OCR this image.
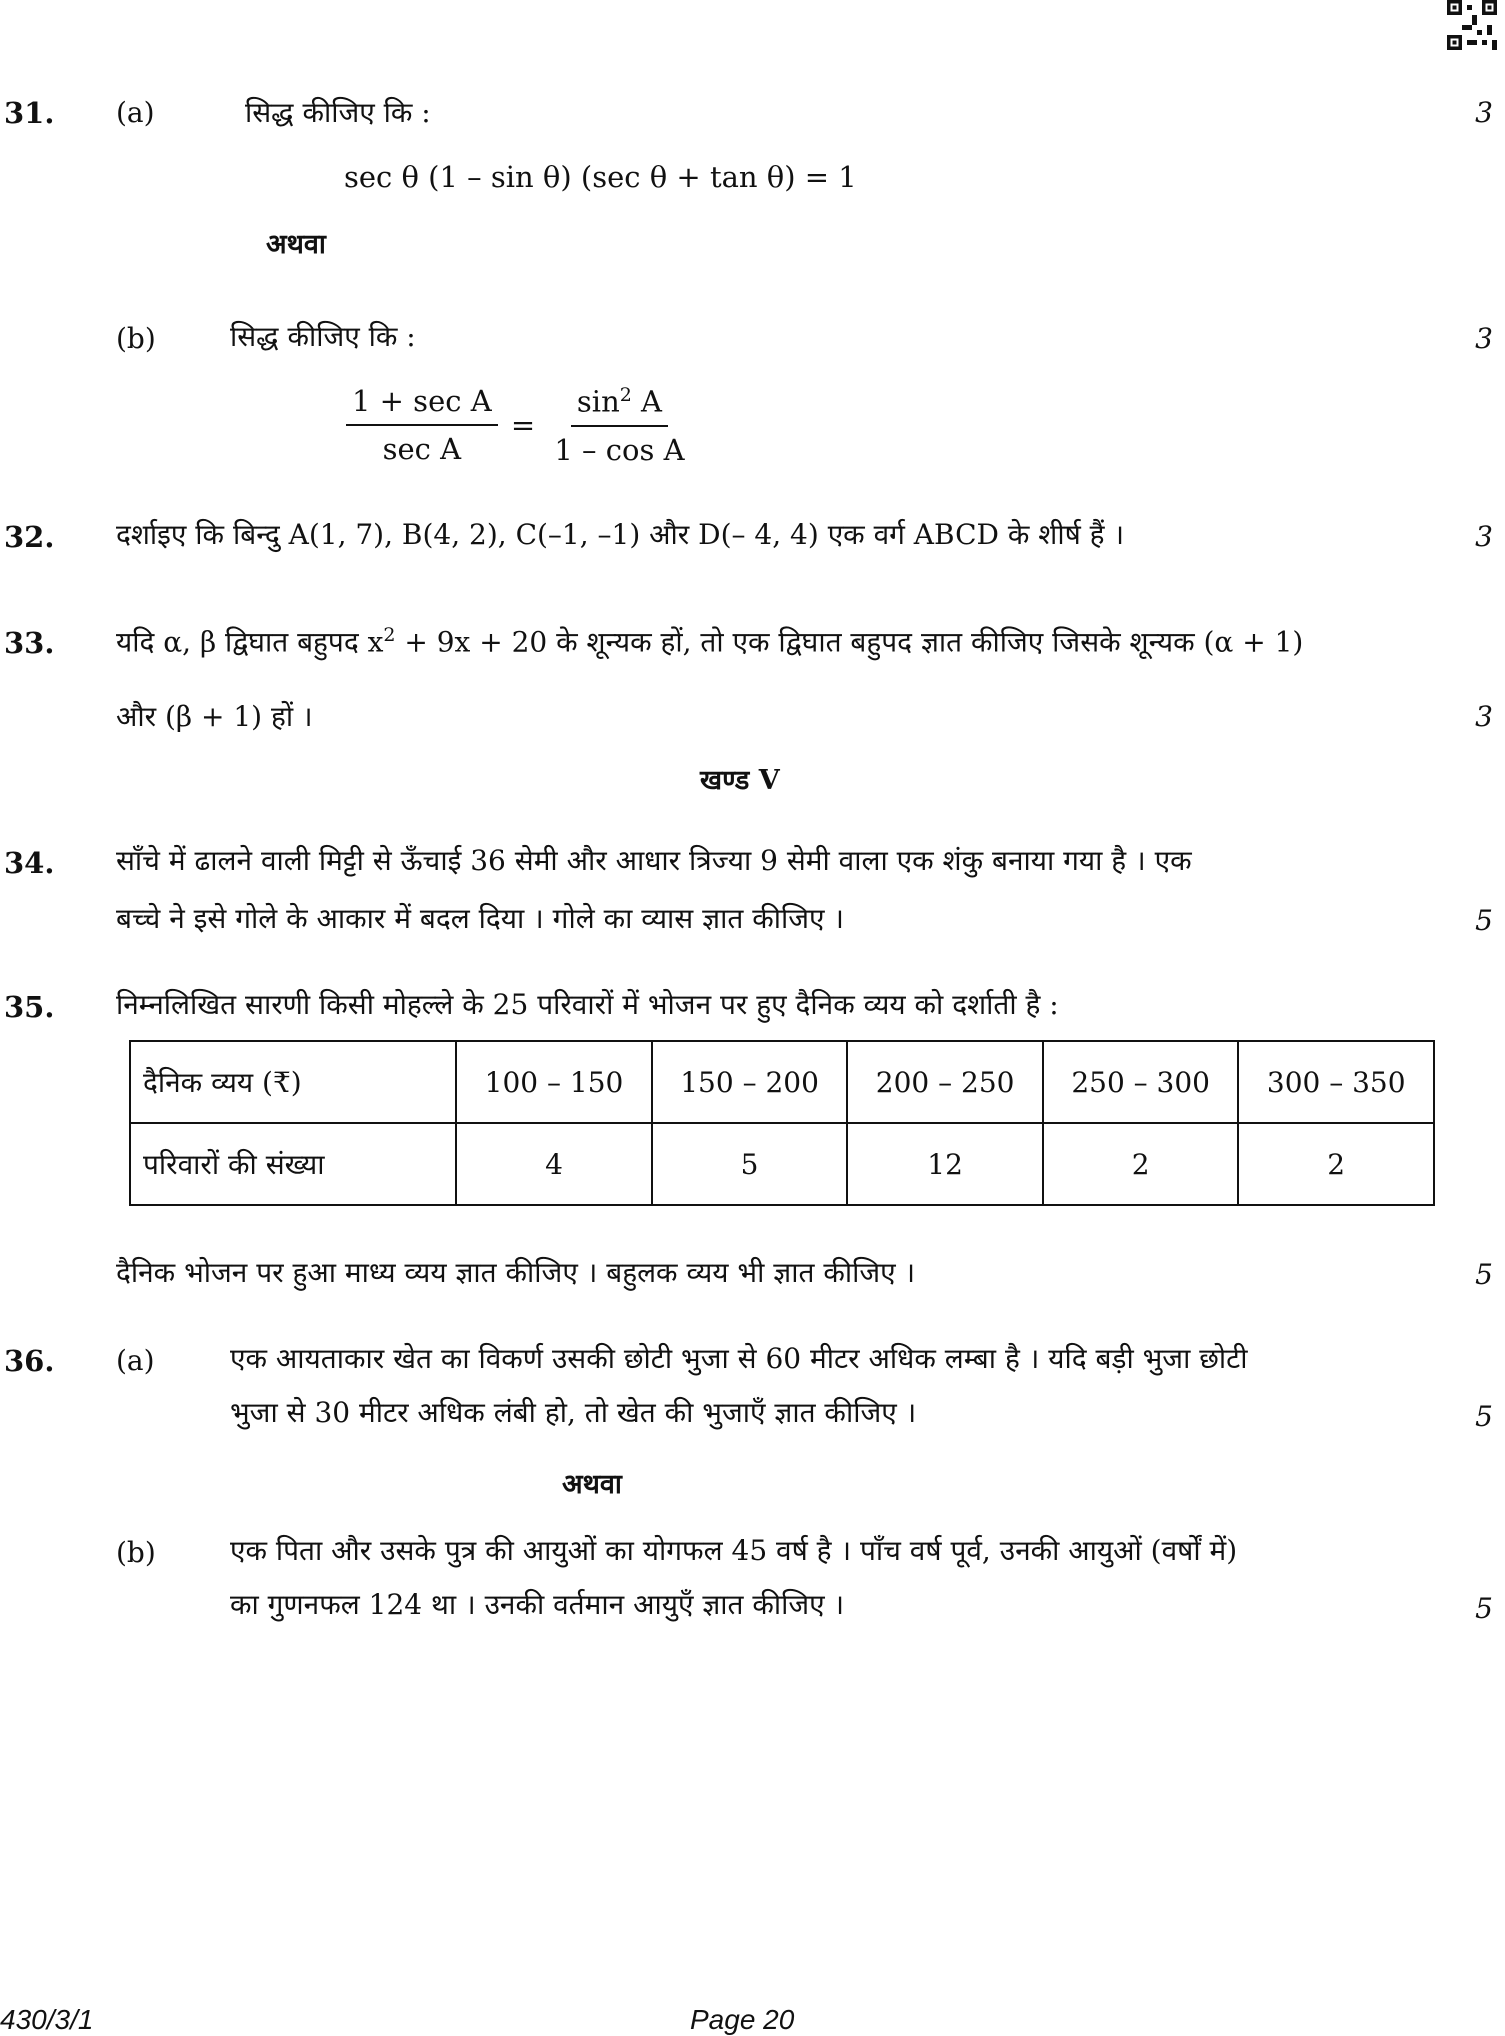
31. (a)	सिद्ध कीजिए कि :	3
sec θ (1 – sin θ) (sec θ + tan θ) = 1
अथवा
(b)	सिद्ध कीजिए कि :	3
$\frac{\text{1 + sec A}}{\text{sec A}} = \frac{\sin^2 A}{\text{1 – cos A}}$
32. दर्शाइए कि बिन्दु A(1, 7), B(4, 2), C(–1, –1) और D(– 4, 4) एक वर्ग ABCD के शीर्ष हैं ।	3
33. यदि α, β द्विघात बहुपद $x^2 + 9x + 20$ के शून्यक हों, तो एक द्विघात बहुपद ज्ञात कीजिए जिसके शून्यक (α + 1)
और (β + 1) हों ।	3
खण्ड V
34. साँचे में ढालने वाली मिट्टी से ऊँचाई 36 सेमी और आधार त्रिज्या 9 सेमी वाला एक शंकु बनाया गया है । एक
बच्चे ने इसे गोले के आकार में बदल दिया । गोले का व्यास ज्ञात कीजिए ।	5
35. निम्नलिखित सारणी किसी मोहल्ले के 25 परिवारों में भोजन पर हुए दैनिक व्यय को दर्शाती है :
दैनिक व्यय (₹)	100 – 150	150 – 200	200 – 250	250 – 300	300 – 350
परिवारों की संख्या	4	5	12	2	2
दैनिक भोजन पर हुआ माध्य व्यय ज्ञात कीजिए । बहुलक व्यय भी ज्ञात कीजिए ।	5
36. (a)	एक आयताकार खेत का विकर्ण उसकी छोटी भुजा से 60 मीटर अधिक लम्बा है । यदि बड़ी भुजा छोटी
भुजा से 30 मीटर अधिक लंबी हो, तो खेत की भुजाएँ ज्ञात कीजिए ।	5
अथवा
(b)	एक पिता और उसके पुत्र की आयुओं का योगफल 45 वर्ष है । पाँच वर्ष पूर्व, उनकी आयुओं (वर्षों में)
का गुणनफल 124 था । उनकी वर्तमान आयुएँ ज्ञात कीजिए ।	5
430/3/1	Page 20
